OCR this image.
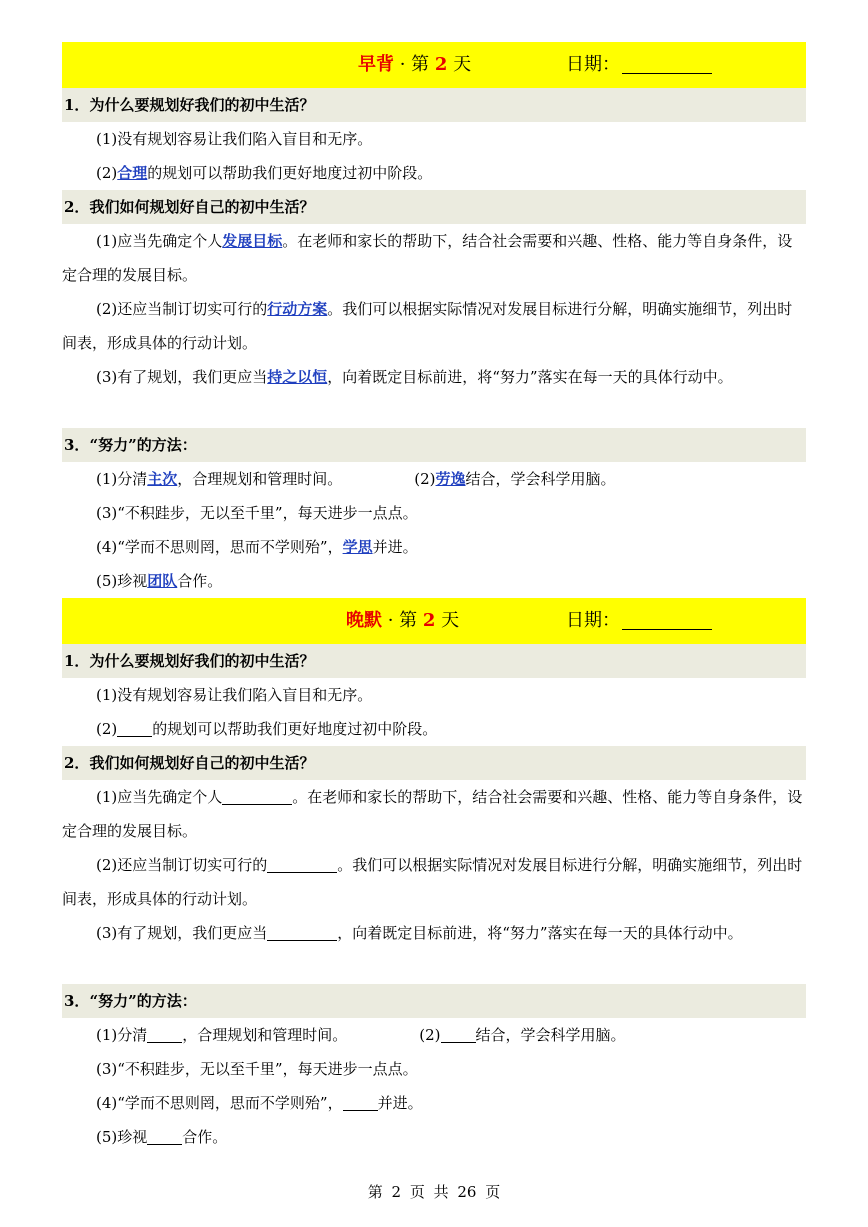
早背 · 第 2 天	日期：
1．为什么要规划好我们的初中生活？
(1)没有规划容易让我们陷入盲目和无序。
(2)合理的规划可以帮助我们更好地度过初中阶段。
2．我们如何规划好自己的初中生活？
(1)应当先确定个人发展目标。在老师和家长的帮助下，结合社会需要和兴趣、性格、能力等自身条件，设定合理的发展目标。
(2)还应当制订切实可行的行动方案。我们可以根据实际情况对发展目标进行分解，明确实施细节，列出时间表，形成具体的行动计划。
(3)有了规划，我们更应当持之以恒，向着既定目标前进，将“努力”落实在每一天的具体行动中。
3．“努力”的方法：
(1)分清主次，合理规划和管理时间。	(2)劳逸结合，学会科学用脑。
(3)“不积跬步，无以至千里”，每天进步一点点。
(4)“学而不思则罔，思而不学则殆”，学思并进。
(5)珍视团队合作。
晚默 · 第 2 天	日期：
1．为什么要规划好我们的初中生活？
(1)没有规划容易让我们陷入盲目和无序。
(2) 的规划可以帮助我们更好地度过初中阶段。
2．我们如何规划好自己的初中生活？
(1)应当先确定个人	。在老师和家长的帮助下，结合社会需要和兴趣、性格、能力等自身条件，设定合理的发展目标。
(2)还应当制订切实可行的	。我们可以根据实际情况对发展目标进行分解，明确实施细节，列出时间表，形成具体的行动计划。
(3)有了规划，我们更应当	，向着既定目标前进，将“努力”落实在每一天的具体行动中。
3．“努力”的方法：
(1)分清 ，合理规划和管理时间。	(2) 结合，学会科学用脑。
(3)“不积跬步，无以至千里”，每天进步一点点。
(4)“学而不思则罔，思而不学则殆”， 并进。
(5)珍视 合作。
第 2 页 共 26 页
